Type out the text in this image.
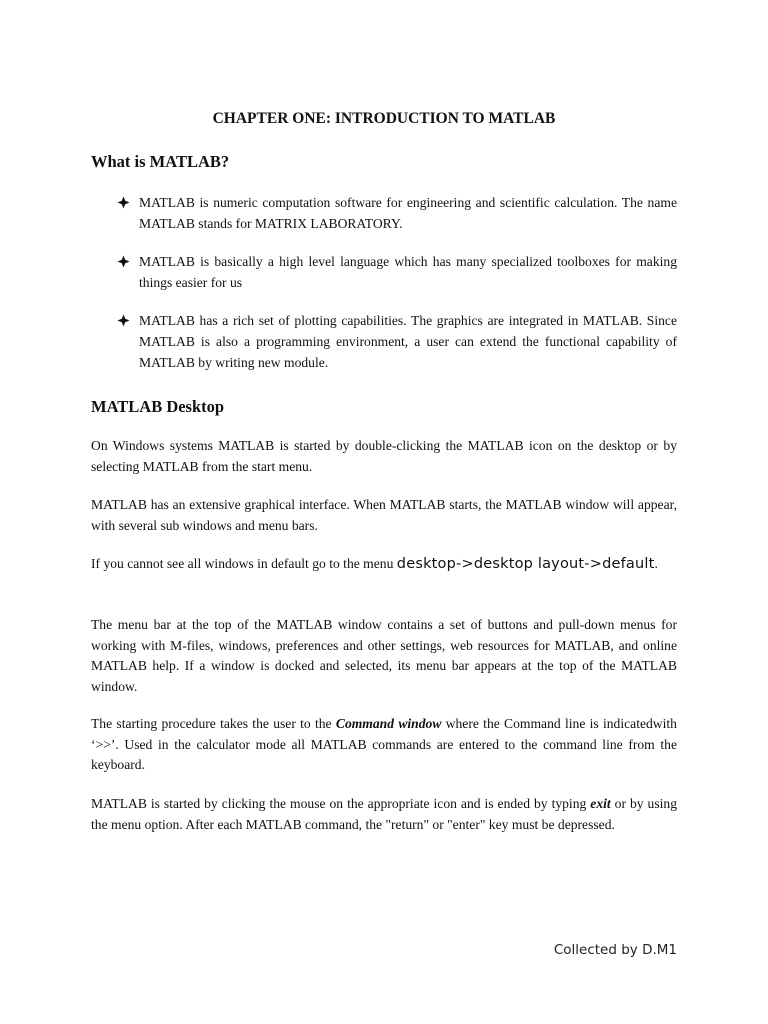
CHAPTER ONE: INTRODUCTION TO MATLAB
What is MATLAB?
MATLAB is numeric computation software for engineering and scientific calculation. The name MATLAB stands for MATRIX LABORATORY.
MATLAB is basically a high level language which has many specialized toolboxes for making things easier for us
MATLAB has a rich set of plotting capabilities. The graphics are integrated in MATLAB. Since MATLAB is also a programming environment, a user can extend the functional capability of MATLAB by writing new module.
MATLAB Desktop

On Windows systems MATLAB is started by double-clicking the MATLAB icon on the desktop or by selecting MATLAB from the start menu.

MATLAB has an extensive graphical interface. When MATLAB starts, the MATLAB window will appear, with several sub windows and menu bars.

If you cannot see all windows in default go to the menu desktop->desktop layout->default.

The menu bar at the top of the MATLAB window contains a set of buttons and pull-down menus for working with M-files, windows, preferences and other settings, web resources for MATLAB, and online MATLAB help. If a window is docked and selected, its menu bar appears at the top of the MATLAB window.

The starting procedure takes the user to the Command window where the Command line is indicatedwith ‘>>’. Used in the calculator mode all MATLAB commands are entered to the command line from the keyboard.

MATLAB is started by clicking the mouse on the appropriate icon and is ended by typing exit or by using the menu option. After each MATLAB command, the "return" or "enter" key must be depressed.

Collected by D.M1
